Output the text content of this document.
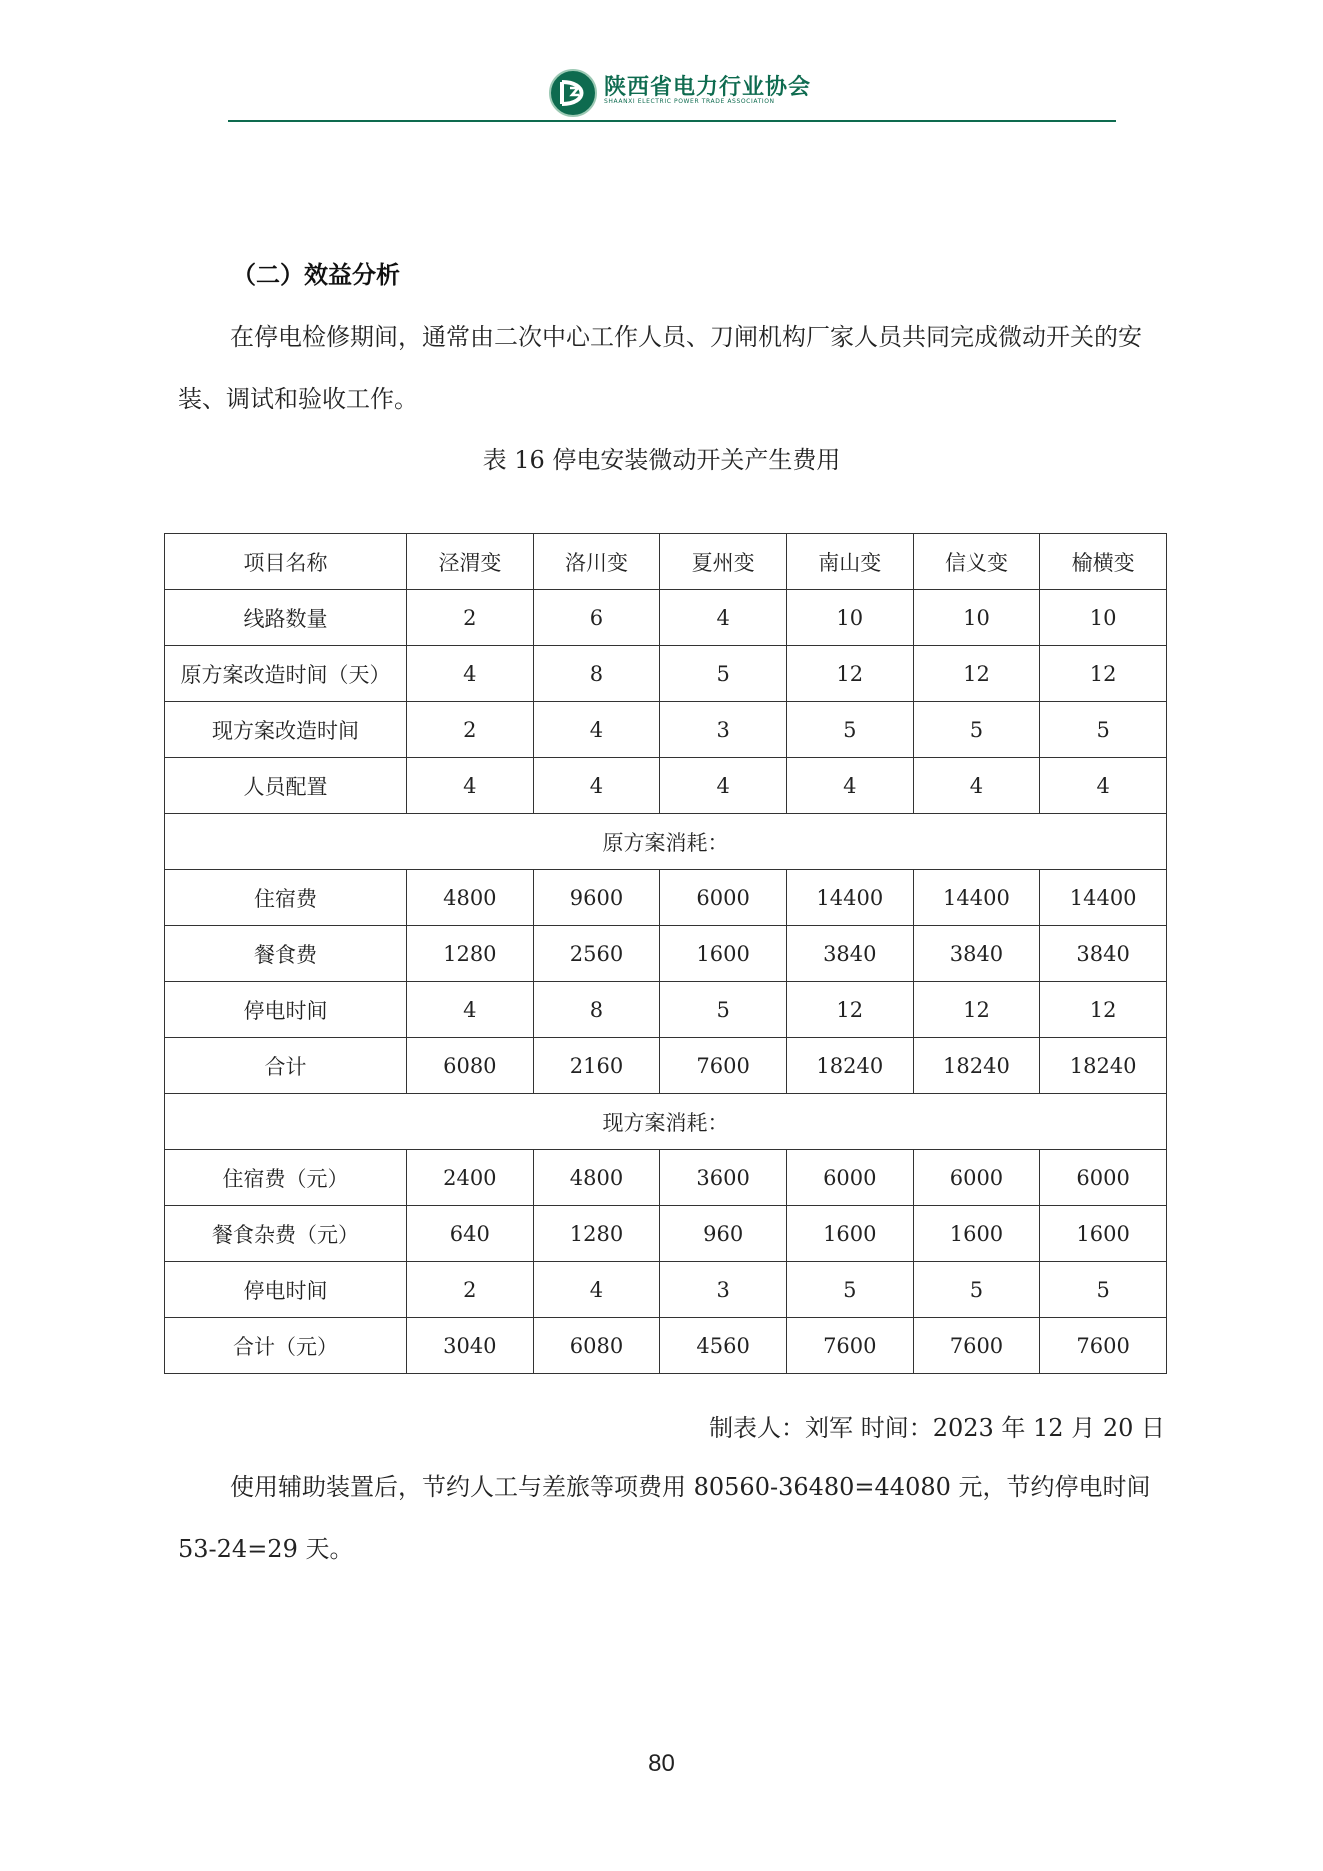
陕西省电力行业协会
SHAANXI ELECTRIC POWER TRADE ASSOCIATION
（二）效益分析
在停电检修期间，通常由二次中心工作人员、刀闸机构厂家人员共同完成微动开关的安装、调试和验收工作。
表 16 停电安装微动开关产生费用
项目名称	泾渭变	洛川变	夏州变	南山变	信义变	榆横变
线路数量	2	6	4	10	10	10
原方案改造时间（天）	4	8	5	12	12	12
现方案改造时间	2	4	3	5	5	5
人员配置	4	4	4	4	4	4
原方案消耗：						
住宿费	4800	9600	6000	14400	14400	14400
餐食费	1280	2560	1600	3840	3840	3840
停电时间	4	8	5	12	12	12
合计	6080	2160	7600	18240	18240	18240
现方案消耗：						
住宿费（元）	2400	4800	3600	6000	6000	6000
餐食杂费（元）	640	1280	960	1600	1600	1600
停电时间	2	4	3	5	5	5
合计（元）	3040	6080	4560	7600	7600	7600
制表人：刘军 时间：2023 年 12 月 20 日
使用辅助装置后，节约人工与差旅等项费用 80560-36480=44080 元，节约停电时间 53-24=29 天。
80
